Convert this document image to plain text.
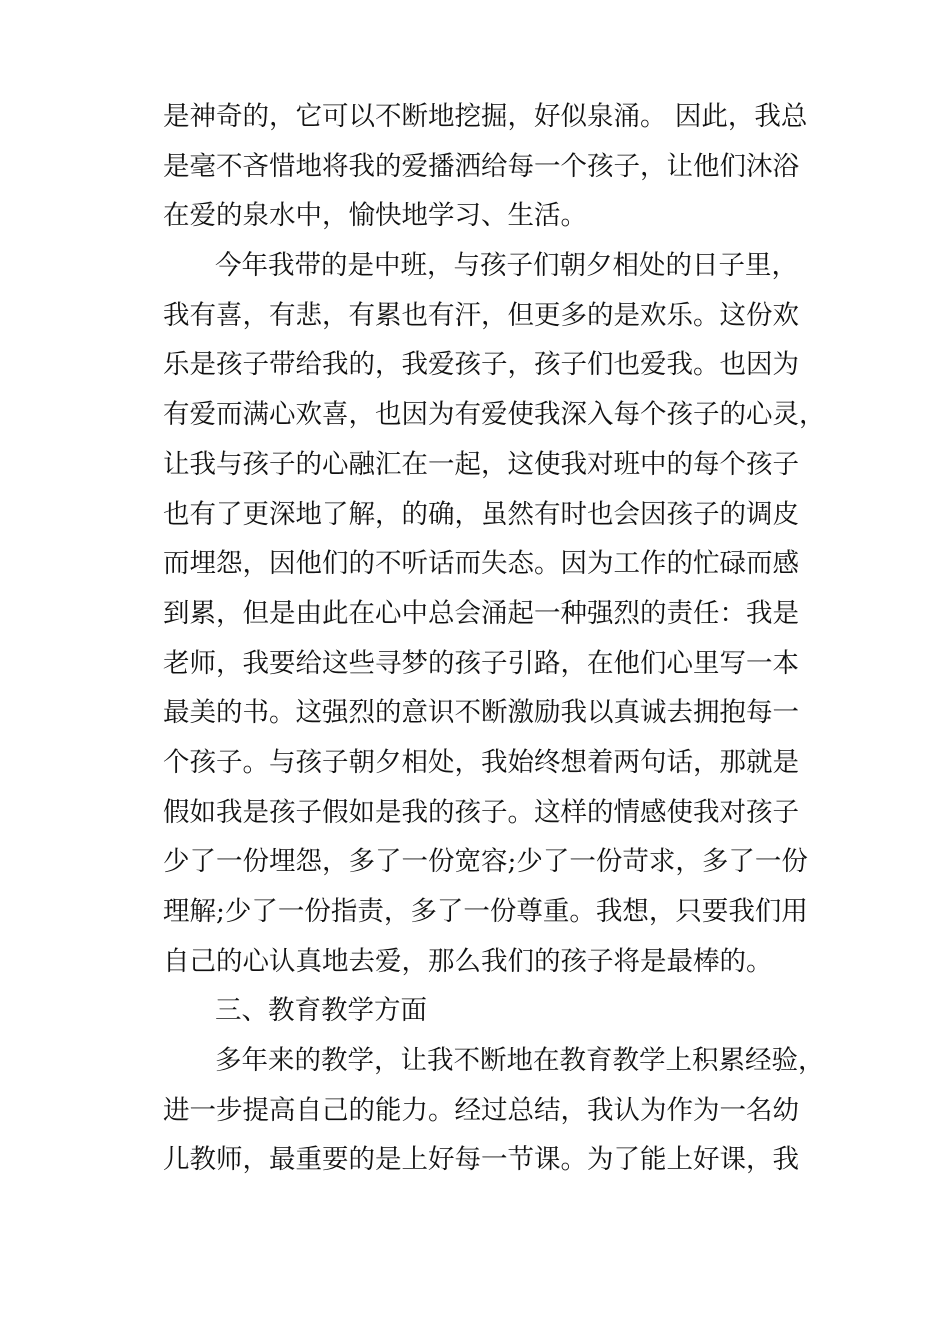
是神奇的，它可以不断地挖掘，好似泉涌。 因此，我总
是毫不吝惜地将我的爱播洒给每一个孩子，让他们沐浴
在爱的泉水中，愉快地学习、生活。
今年我带的是中班，与孩子们朝夕相处的日子里，
我有喜，有悲，有累也有汗，但更多的是欢乐。这份欢
乐是孩子带给我的，我爱孩子，孩子们也爱我。也因为
有爱而满心欢喜，也因为有爱使我深入每个孩子的心灵，
让我与孩子的心融汇在一起，这使我对班中的每个孩子
也有了更深地了解，的确，虽然有时也会因孩子的调皮
而埋怨，因他们的不听话而失态。因为工作的忙碌而感
到累，但是由此在心中总会涌起一种强烈的责任：我是
老师，我要给这些寻梦的孩子引路，在他们心里写一本
最美的书。这强烈的意识不断激励我以真诚去拥抱每一
个孩子。与孩子朝夕相处，我始终想着两句话，那就是
假如我是孩子假如是我的孩子。这样的情感使我对孩子
少了一份埋怨，多了一份宽容;少了一份苛求，多了一份
理解;少了一份指责，多了一份尊重。我想，只要我们用
自己的心认真地去爱，那么我们的孩子将是最棒的。
三、教育教学方面
多年来的教学，让我不断地在教育教学上积累经验，
进一步提高自己的能力。经过总结，我认为作为一名幼
儿教师，最重要的是上好每一节课。为了能上好课，我
